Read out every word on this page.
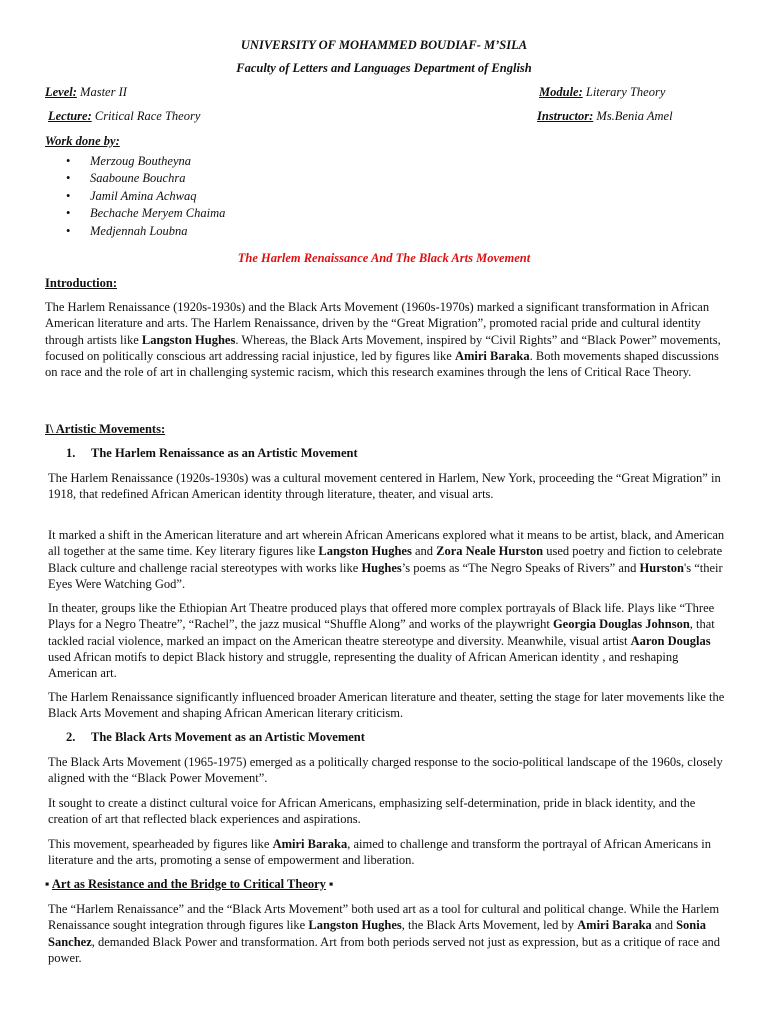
UNIVERSITY OF MOHAMMED BOUDIAF- M’SILA
Faculty of Letters and Languages Department of English
Level: Master II	Module: Literary Theory
Lecture: Critical Race Theory	Instructor: Ms.Benia Amel
Work done by:
• Merzoug Boutheyna
• Saaboune Bouchra
• Jamil Amina Achwaq
• Bechache Meryem Chaima
• Medjennah Loubna
The Harlem Renaissance And The Black Arts Movement
Introduction:

The Harlem Renaissance (1920s-1930s) and the Black Arts Movement (1960s-1970s) marked a significant transformation in African American literature and arts. The Harlem Renaissance, driven by the “Great Migration”, promoted racial pride and cultural identity through artists like Langston Hughes. Whereas, the Black Arts Movement, inspired by “Civil Rights” and “Black Power” movements, focused on politically conscious art addressing racial injustice, led by figures like Amiri Baraka. Both movements shaped discussions on race and the role of art in challenging systemic racism, which this research examines through the lens of Critical Race Theory.

I\ Artistic Movements:
1. The Harlem Renaissance as an Artistic Movement

The Harlem Renaissance (1920s-1930s) was a cultural movement centered in Harlem, New York, proceeding the “Great Migration” in 1918, that redefined African American identity through literature, theater, and visual arts.

It marked a shift in the American literature and art wherein African Americans explored what it means to be artist, black, and American all together at the same time. Key literary figures like Langston Hughes and Zora Neale Hurston used poetry and fiction to celebrate Black culture and challenge racial stereotypes with works like Hughes’s poems as “The Negro Speaks of Rivers” and Hurston's “their Eyes Were Watching God”.

In theater, groups like the Ethiopian Art Theatre produced plays that offered more complex portrayals of Black life. Plays like “Three Plays for a Negro Theatre”, “Rachel”, the jazz musical “Shuffle Along” and works of the playwright Georgia Douglas Johnson, that tackled racial violence, marked an impact on the American theatre stereotype and diversity. Meanwhile, visual artist Aaron Douglas used African motifs to depict Black history and struggle, representing the duality of African American identity , and reshaping American art.

The Harlem Renaissance significantly influenced broader American literature and theater, setting the stage for later movements like the Black Arts Movement and shaping African American literary criticism.

2. The Black Arts Movement as an Artistic Movement

The Black Arts Movement (1965-1975) emerged as a politically charged response to the socio-political landscape of the 1960s, closely aligned with the “Black Power Movement”.

It sought to create a distinct cultural voice for African Americans, emphasizing self-determination, pride in black identity, and the creation of art that reflected black experiences and aspirations.

This movement, spearheaded by figures like Amiri Baraka, aimed to challenge and transform the portrayal of African Americans in literature and the arts, promoting a sense of empowerment and liberation.

▪ Art as Resistance and the Bridge to Critical Theory ▪

The “Harlem Renaissance” and the “Black Arts Movement” both used art as a tool for cultural and political change. While the Harlem Renaissance sought integration through figures like Langston Hughes, the Black Arts Movement, led by Amiri Baraka and Sonia Sanchez, demanded Black Power and transformation. Art from both periods served not just as expression, but as a critique of race and power.
